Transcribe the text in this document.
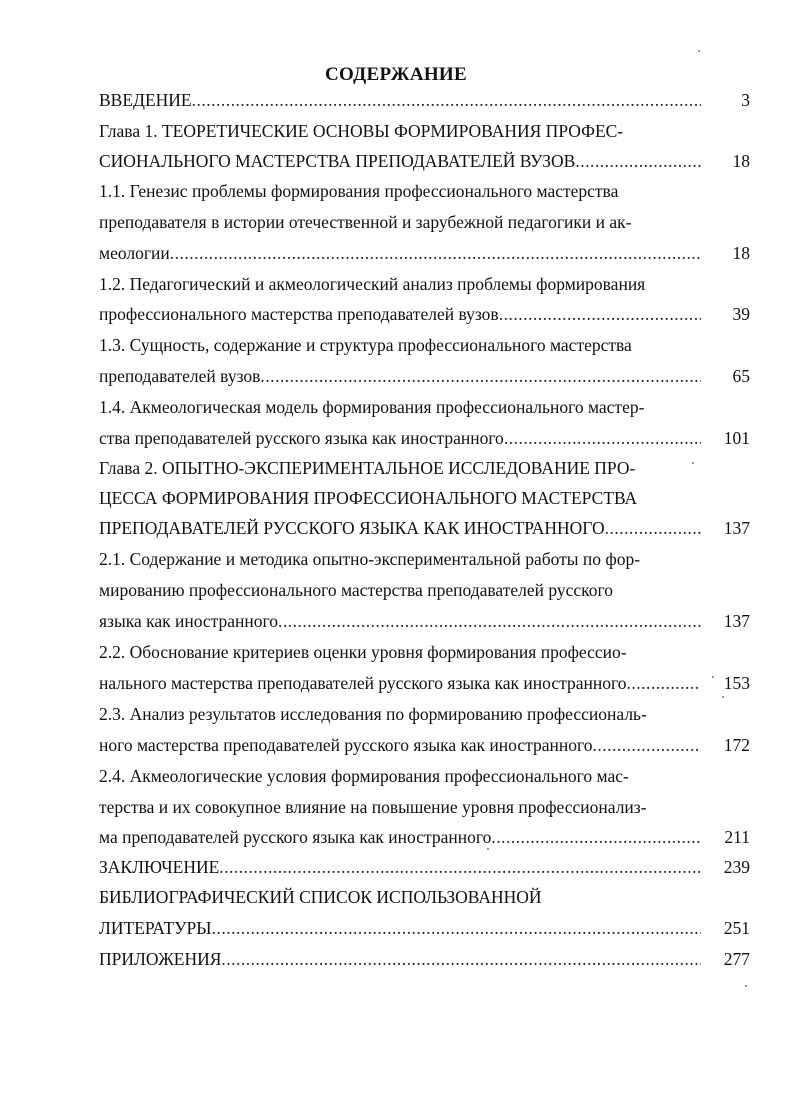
СОДЕРЖАНИЕ
ВВЕДЕНИЕ .....	3
Глава 1. ТЕОРЕТИЧЕСКИЕ ОСНОВЫ ФОРМИРОВАНИЯ ПРОФЕС-
СИОНАЛЬНОГО МАСТЕРСТВА ПРЕПОДАВАТЕЛЕЙ ВУЗОВ .....	18
1.1. Генезис проблемы формирования профессионального мастерства
преподавателя в истории отечественной и зарубежной педагогики и ак-
меологии .....	18
1.2. Педагогический и акмеологический анализ проблемы формирования
профессионального мастерства преподавателей вузов .....	39
1.3. Сущность, содержание и структура профессионального мастерства
преподавателей вузов .....	65
1.4. Акмеологическая модель формирования профессионального мастер-
ства преподавателей русского языка как иностранного .....	101
Глава 2. ОПЫТНО-ЭКСПЕРИМЕНТАЛЬНОЕ ИССЛЕДОВАНИЕ ПРО-
ЦЕССА ФОРМИРОВАНИЯ ПРОФЕССИОНАЛЬНОГО МАСТЕРСТВА
ПРЕПОДАВАТЕЛЕЙ РУССКОГО ЯЗЫКА КАК ИНОСТРАННОГО .....	137
2.1. Содержание и методика опытно-экспериментальной работы по фор-
мированию профессионального мастерства преподавателей русского
языка как иностранного .....	137
2.2. Обоснование критериев оценки уровня формирования профессио-
нального мастерства преподавателей русского языка как иностранного .....	153
2.3. Анализ результатов исследования по формированию профессиональ-
ного мастерства преподавателей русского языка как иностранного .....	172
2.4. Акмеологические условия формирования профессионального мас-
терства и их совокупное влияние на повышение уровня профессионализ-
ма преподавателей русского языка как иностранного .....	211
ЗАКЛЮЧЕНИЕ .....	239
БИБЛИОГРАФИЧЕСКИЙ СПИСОК ИСПОЛЬЗОВАННОЙ
ЛИТЕРАТУРЫ .....	251
ПРИЛОЖЕНИЯ .....	277
